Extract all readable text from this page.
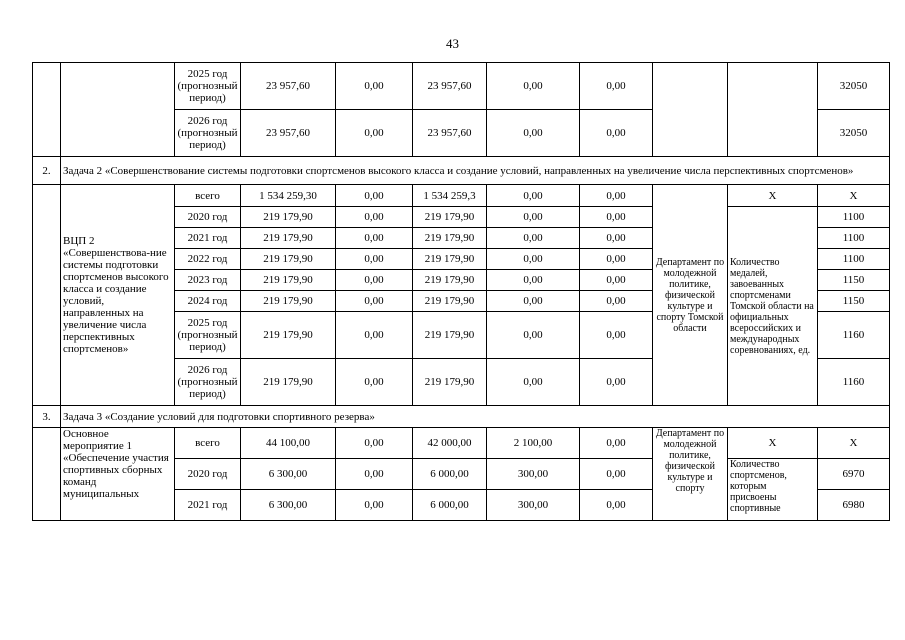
43
		2025 год (прогнозный период)	23 957,60	0,00	23 957,60	0,00	0,00			32050
		2026 год (прогнозный период)	23 957,60	0,00	23 957,60	0,00	0,00			32050
2.	Задача 2 «Совершенствование системы подготовки спортсменов высокого класса и создание условий, направленных на увеличение числа перспективных спортсменов»									
	ВЦП 2 «Совершенствова-ние системы подготовки спортсменов высокого класса и создание условий, направленных на увеличение числа перспективных спортсменов»	всего	1 534 259,30	0,00	1 534 259,3	0,00	0,00	Департамент по молодежной политике, физической культуре и спорту Томской области	X	X
		2020 год	219 179,90	0,00	219 179,90	0,00	0,00		Количество медалей, завоеванных спортсменами Томской области на официальных всероссийских и международных соревнованиях, ед.	1100
		2021 год	219 179,90	0,00	219 179,90	0,00	0,00			1100
		2022 год	219 179,90	0,00	219 179,90	0,00	0,00			1100
		2023 год	219 179,90	0,00	219 179,90	0,00	0,00			1150
		2024 год	219 179,90	0,00	219 179,90	0,00	0,00			1150
		2025 год (прогнозный период)	219 179,90	0,00	219 179,90	0,00	0,00			1160
		2026 год (прогнозный период)	219 179,90	0,00	219 179,90	0,00	0,00			1160
3.	Задача 3 «Создание условий для подготовки спортивного резерва»									
	Основное мероприятие 1 «Обеспечение участия спортивных сборных команд муниципальных	всего	44 100,00	0,00	42 000,00	2 100,00	0,00	Департамент по молодежной политике, физической культуре и спорту	X	X
		2020 год	6 300,00	0,00	6 000,00	300,00	0,00		Количество спортсменов, которым присвоены спортивные	6970
		2021 год	6 300,00	0,00	6 000,00	300,00	0,00			6980
